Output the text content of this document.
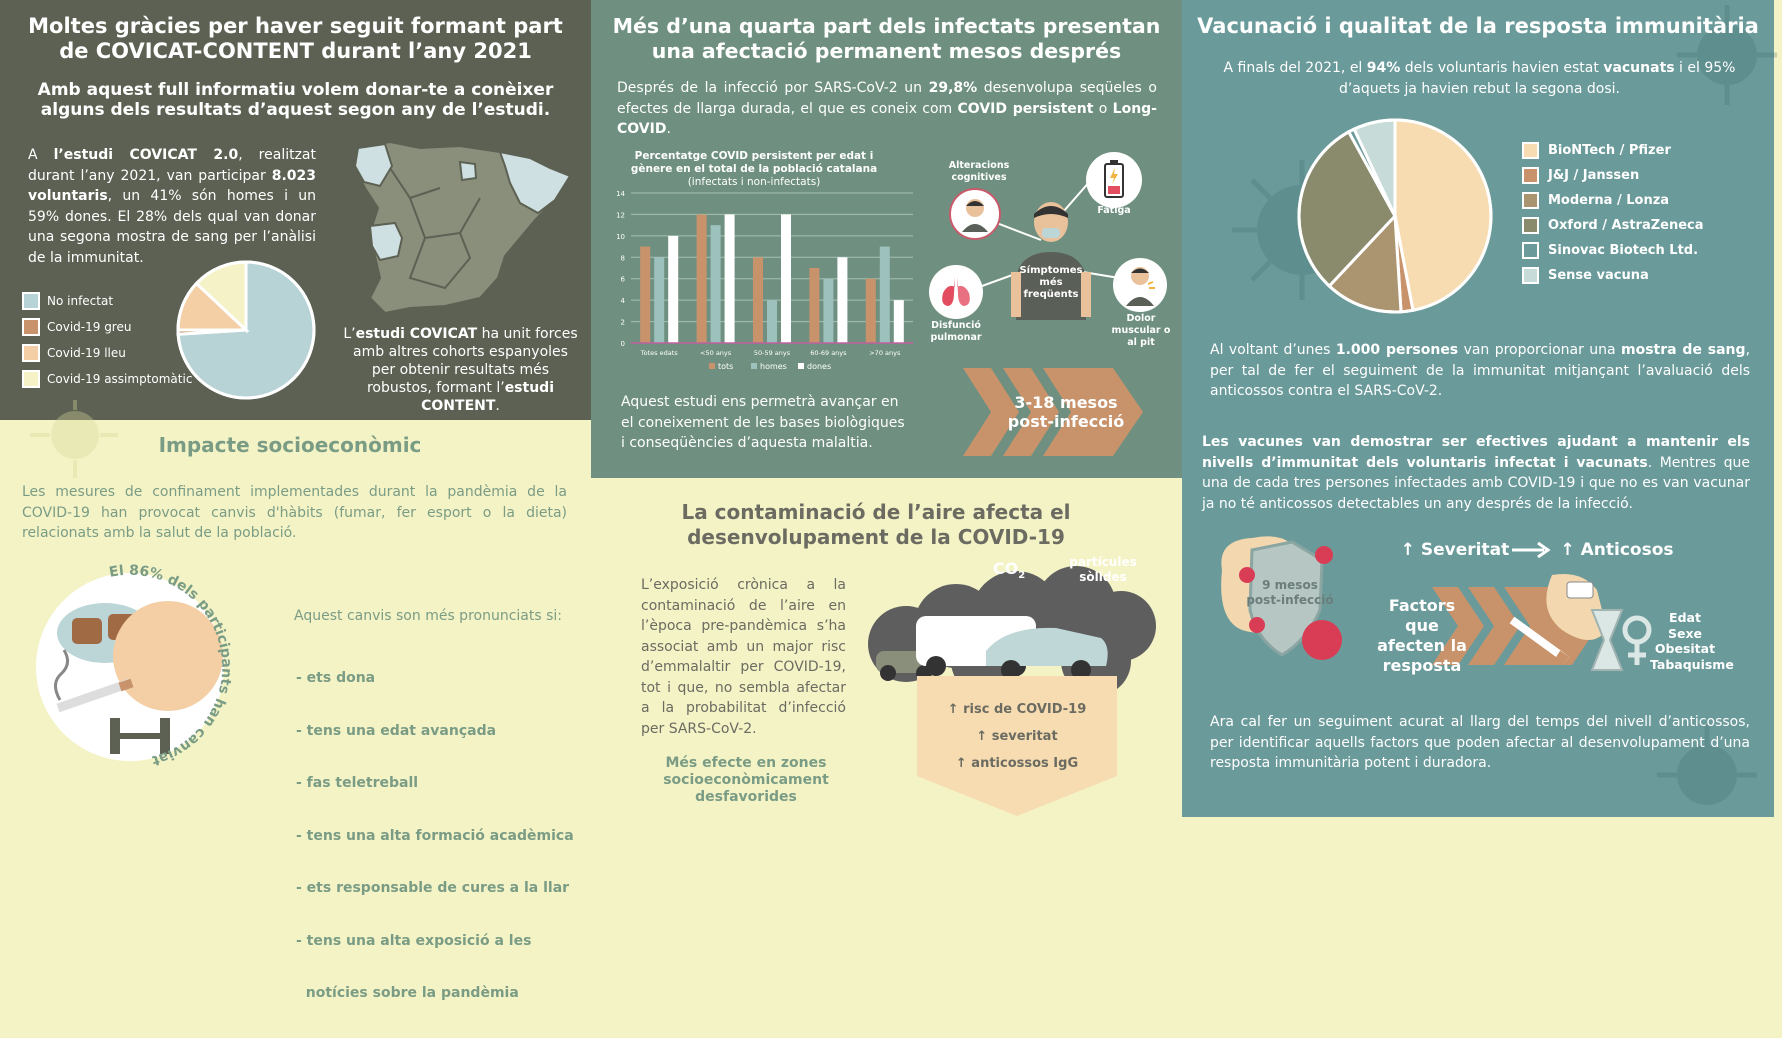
Moltes gràcies per haver seguit formant part de COVICAT-CONTENT durant l’any 2021
Amb aquest full informatiu volem donar-te a conèixer alguns dels resultats d’aquest segon any de l’estudi.
A l’estudi COVICAT 2.0, realitzat durant l’any 2021, van participar 8.023 voluntaris, un 41% són homes i un 59% dones. El 28% dels qual van donar una segona mostra de sang per l’anàlisi de la immunitat.
No infectat
Covid-19 greu
Covid-19 lleu
Covid-19 assimptomàtic
L’estudi COVICAT ha unit forces amb altres cohorts espanyoles per obtenir resultats més robustos, formant l’estudi CONTENT.
Més d’una quarta part dels infectats presentan una afectació permanent mesos després
Després de la infecció por SARS-CoV-2 un 29,8% desenvolupa seqüeles o efectes de llarga durada, el que es coneix com COVID persistent o Long-COVID.
Percentatge COVID persistent per edat i gènere en el total de la població catalana
(infectats i non-infectats)
0
2
4
6
8
10
12
14
Totes edats	<50 anys	50-59 anys	60-69 anys	>70 anys
tots	homes	dones
Símptomes més freqüents
Alteracions cognitives
Fatiga
Disfunció pulmonar
Dolor muscular o al pit
Aquest estudi ens permetrà avançar en el coneixement de les bases biològiques i conseqüències d’aquesta malaltia.
3-18 mesos post-infecció
Vacunació i qualitat de la resposta immunitària
A finals del 2021, el 94% dels voluntaris havien estat vacunats i el 95% d’aquets ja havien rebut la segona dosi.
BioNTech / Pfizer
J&J / Janssen
Moderna / Lonza
Oxford / AstraZeneca
Sinovac Biotech Ltd.
Sense vacuna
Al voltant d’unes 1.000 persones van proporcionar una mostra de sang, per tal de fer el seguiment de la immunitat mitjançant l’avaluació dels anticossos contra el SARS-CoV-2.
Les vacunes van demostrar ser efectives ajudant a mantenir els nivells d’immunitat dels voluntaris infectat i vacunats. Mentres que una de cada tres persones infectades amb COVID-19 i que no es van vacunar ja no té anticossos detectables un any després de la infecció.
9 mesos post-infecció
↑ Severitat	↑ Anticosos
Factors que afecten la resposta
Edat
Sexe
Obesitat
Tabaquisme
Ara cal fer un seguiment acurat al llarg del temps del nivell d’anticossos, per identificar aquells factors que poden afectar al desenvolupament d’una resposta immunitària potent i duradora.
Impacte socioeconòmic
Les mesures de confinament implementades durant la pandèmia de la COVID-19 han provocat canvis d'hàbits (fumar, fer esport o la dieta) relacionats amb la salut de la població.
El 86% dels participants han canviat d’hàbits
Aquest canvis son més pronunciats si:

- ets dona

- tens una edat avançada

- fas teletreball

- tens una alta formació acadèmica

- ets responsable de cures a la llar

- tens una alta exposició a les

notícies sobre la pandèmia

La contaminació de l’aire afecta el desenvolupament de la COVID-19
L’exposició crònica a la contaminació de l’aire en l’època pre-pandèmica s’ha associat amb un major risc d’emmalaltir per COVID-19, tot i que, no sembla afectar a la probabilitat d’infecció per SARS-CoV-2.
Més efecte en zones socioeconòmicament desfavorides
$CO_2$
partícules sòlides
↑ risc de COVID-19
↑ severitat
↑ anticossos IgG
